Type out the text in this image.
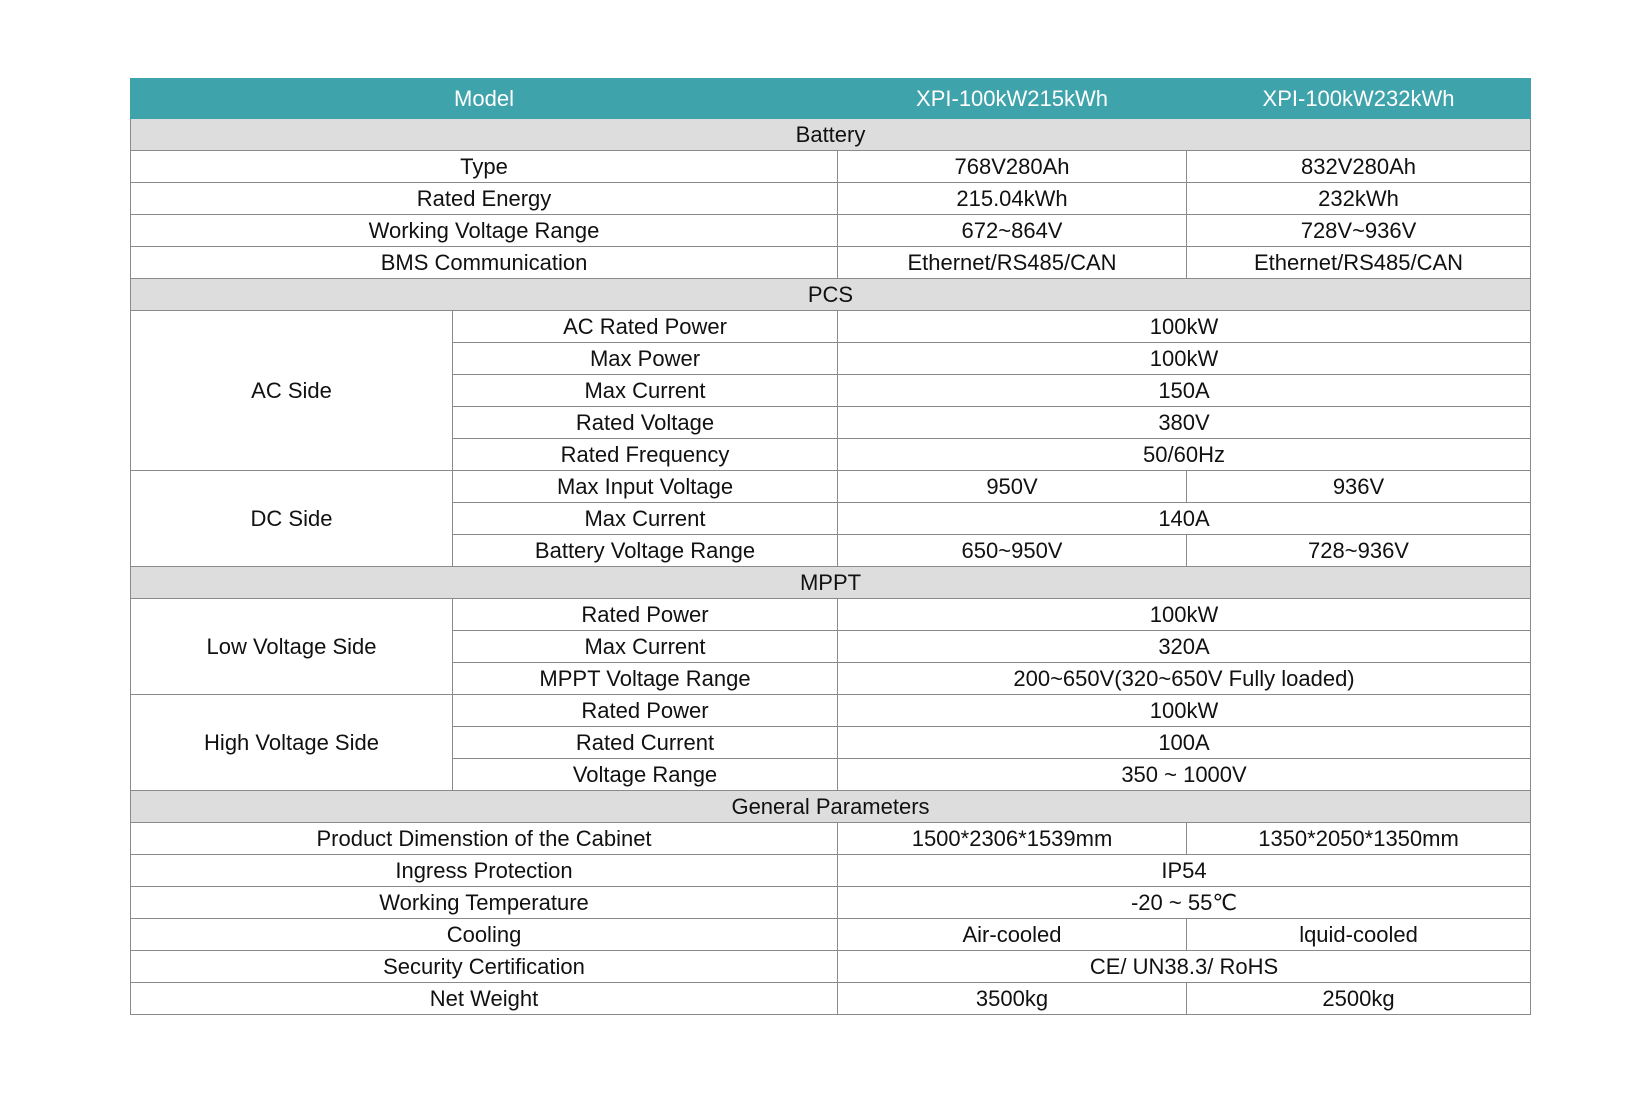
Model		XPI-100kW215kWh	XPI-100kW232kWh
Battery			
Type		768V280Ah	832V280Ah
Rated Energy		215.04kWh	232kWh
Working Voltage Range		672~864V	728V~936V
BMS Communication		Ethernet/RS485/CAN	Ethernet/RS485/CAN
PCS			
AC Side	AC Rated Power	100kW	
	Max Power	100kW	
	Max Current	150A	
	Rated Voltage	380V	
	Rated Frequency	50/60Hz	
DC Side	Max Input Voltage	950V	936V
	Max Current	140A	
	Battery Voltage Range	650~950V	728~936V
MPPT			
Low Voltage Side	Rated Power	100kW	
	Max Current	320A	
	MPPT Voltage Range	200~650V(320~650V Fully loaded)	
High Voltage Side	Rated Power	100kW	
	Rated Current	100A	
	Voltage Range	350 ~ 1000V	
General Parameters			
Product Dimenstion of the Cabinet		1500*2306*1539mm	1350*2050*1350mm
Ingress Protection		IP54	
Working Temperature		-20 ~ 55℃	
Cooling		Air-cooled	lquid-cooled
Security Certification		CE/ UN38.3/ RoHS	
Net Weight		3500kg	2500kg
